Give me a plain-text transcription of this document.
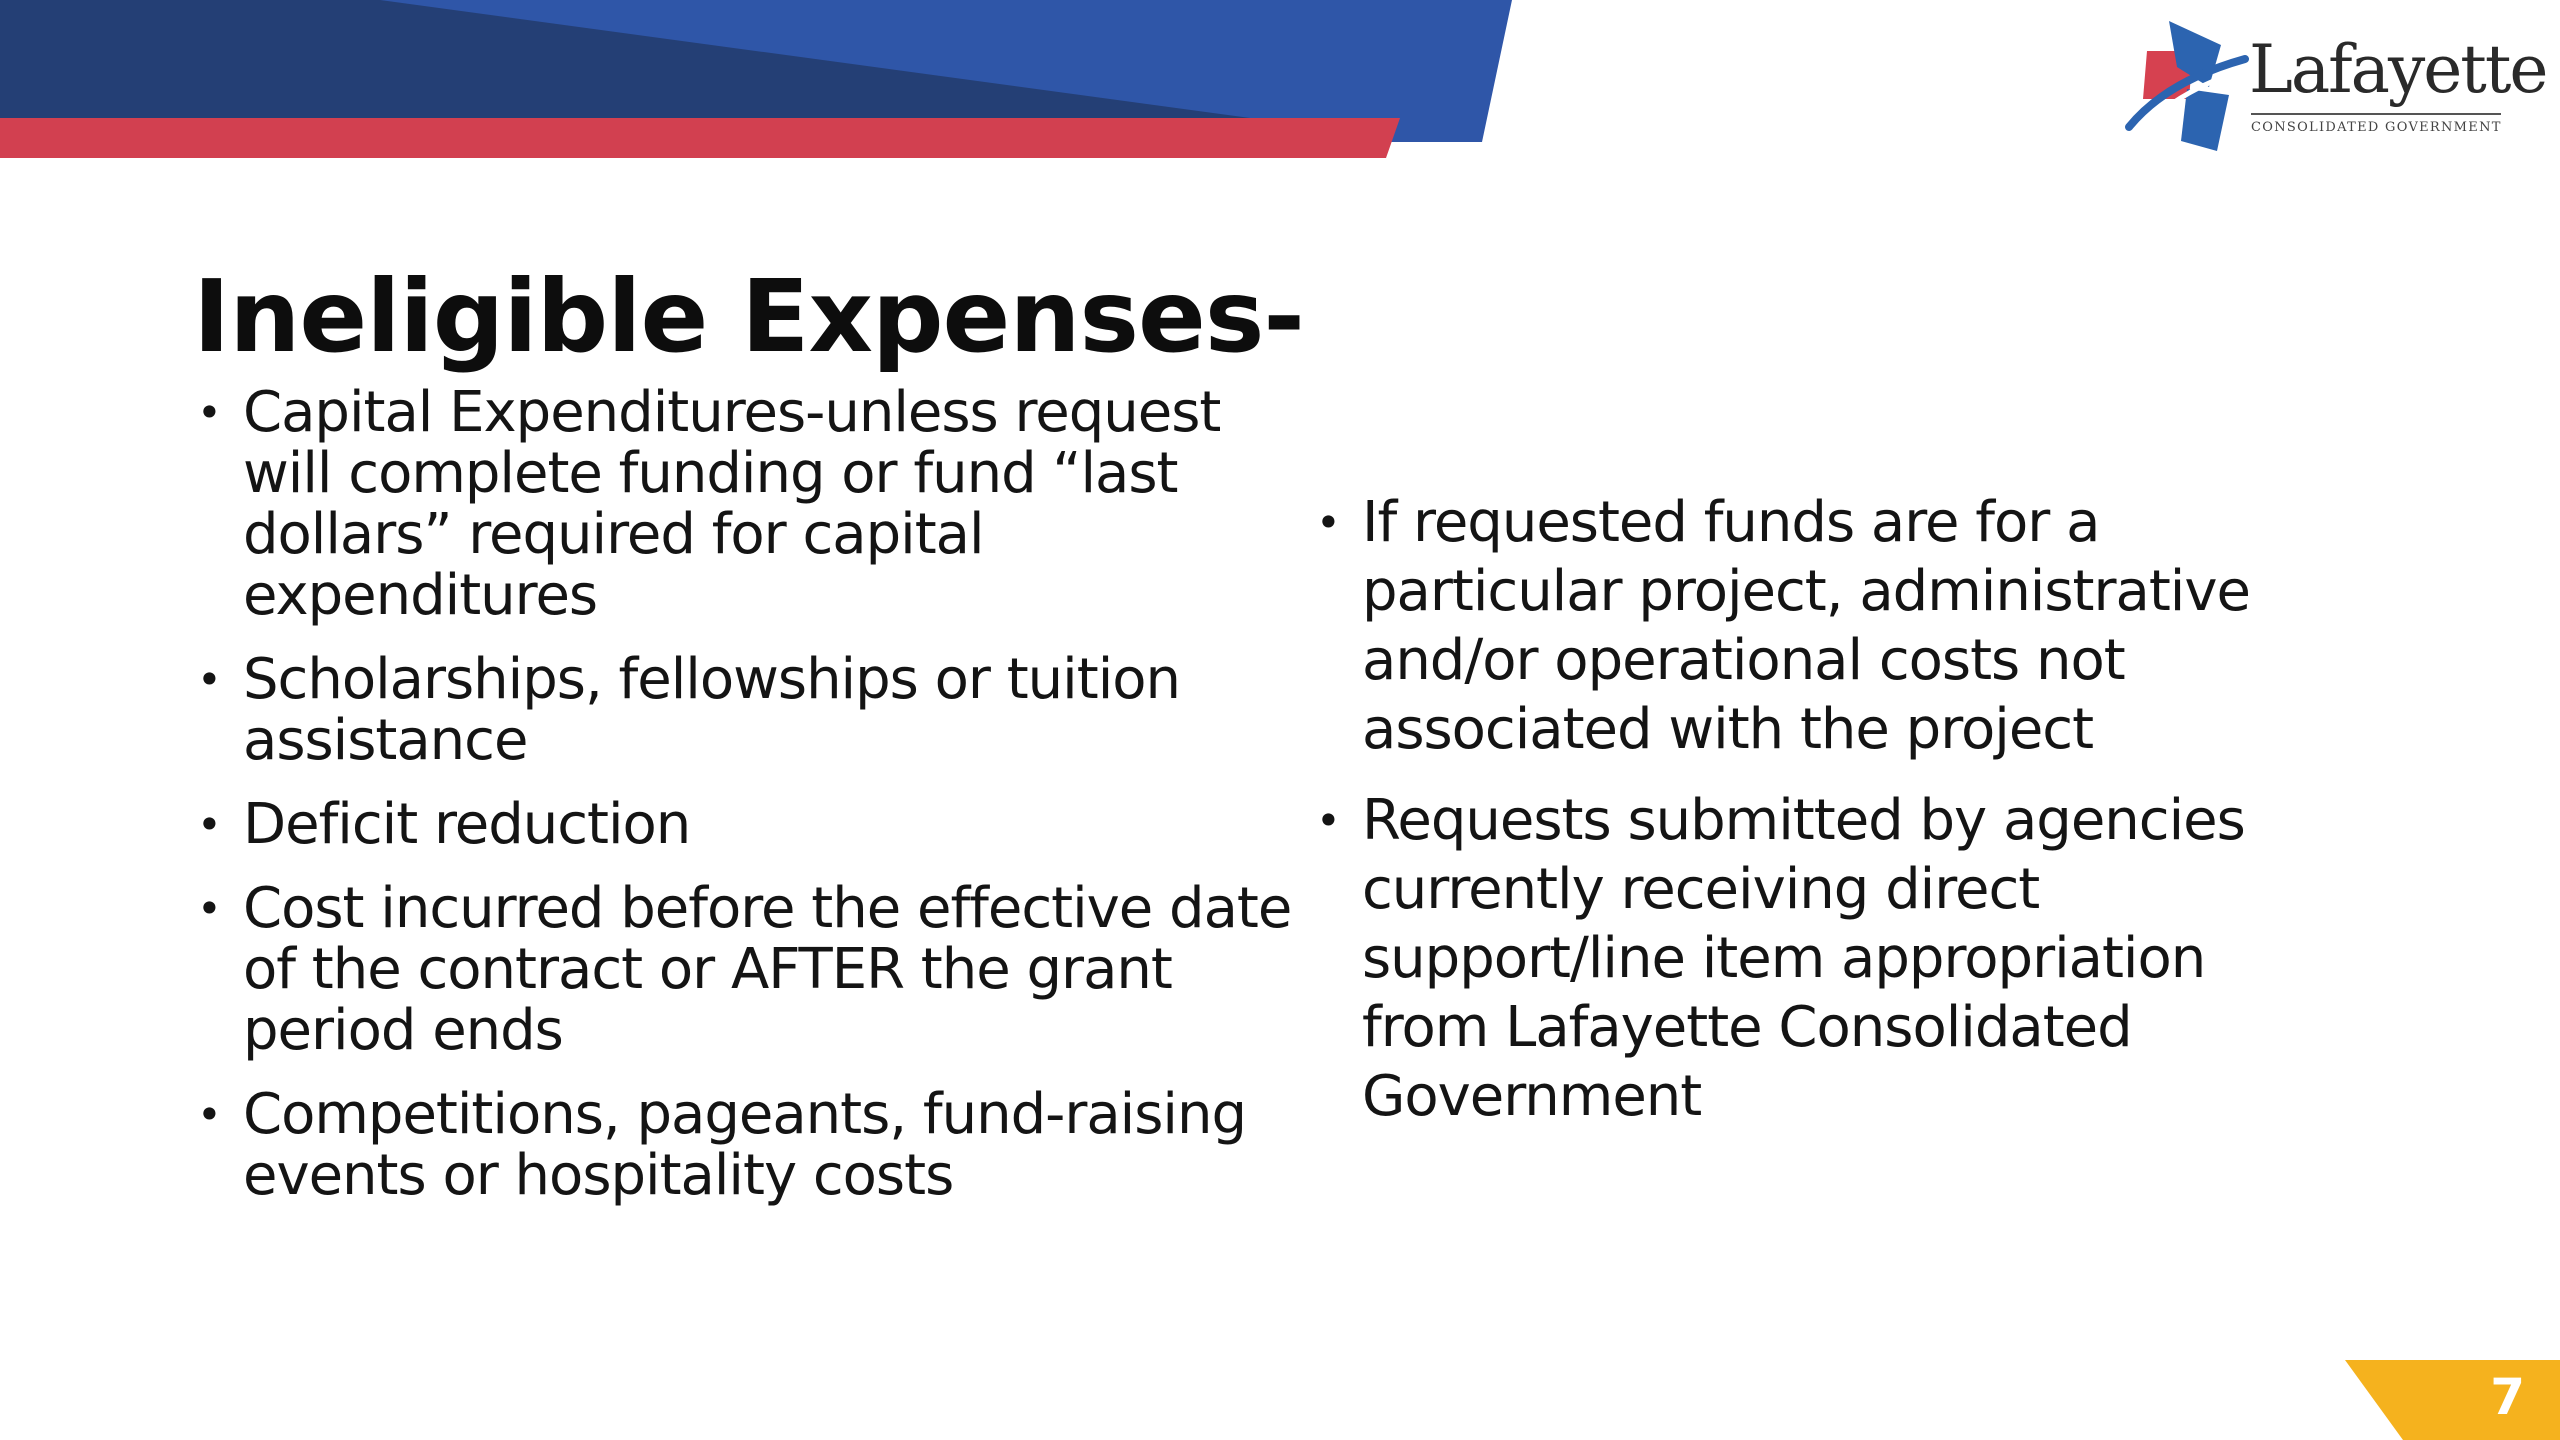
Lafayette
CONSOLIDATED GOVERNMENT
Ineligible Expenses-
• Capital Expenditures-unless request will complete funding or fund “last dollars” required for capital expenditures
• Scholarships, fellowships or tuition assistance
• Deficit reduction
• Cost incurred before the effective date of the contract or AFTER the grant period ends
• Competitions, pageants, fund-raising events or hospitality costs
• If requested funds are for a particular project, administrative and/or operational costs not associated with the project
• Requests submitted by agencies currently receiving direct support/line item appropriation from Lafayette Consolidated Government
7
